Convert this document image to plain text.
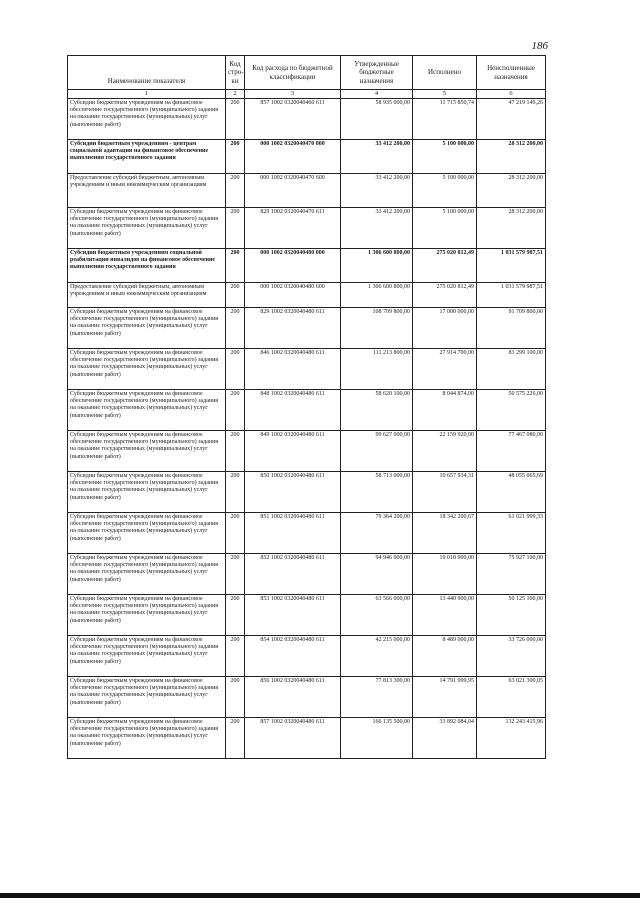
186
Наименование показателя	Код стро-ки	Код расхода по бюджетной классификации	Утвержденные бюджетные назначения	Исполнено	Неисполненные назначения
1	2	3	4	5	6
Субсидии бюджетным учреждениям на финансовое обеспечение государственного (муниципального) задания на оказание государственных (муниципальных) услуг (выполнение работ)	200	857 1002 0320040460 611	58 935 000,00	11 715 850,74	47 219 149,26
Субсидии бюджетным учреждениям - центрам социальной адаптации на финансовое обеспечение выполнения государственного задания	200	000 1002 0320040470 000	33 412 200,00	5 100 000,00	28 312 200,00
Предоставление субсидий бюджетным, автономным учреждениям и иным некоммерческим организациям	200	000 1002 0320040470 600	33 412 200,00	5 100 000,00	28 312 200,00
Субсидии бюджетным учреждениям на финансовое обеспечение государственного (муниципального) задания на оказание государственных (муниципальных) услуг (выполнение работ)	200	829 1002 0320040470 611	33 412 200,00	5 100 000,00	28 312 200,00
Субсидии бюджетным учреждениям социальной реабилитации инвалидов на финансовое обеспечение выполнения государственного задания	200	000 1002 0320040480 000	1 306 600 800,00	275 020 812,49	1 031 579 987,51
Предоставление субсидий бюджетным, автономным учреждениям и иным некоммерческим организациям	200	000 1002 0320040480 600	1 306 600 800,00	275 020 812,49	1 031 579 987,51
Субсидии бюджетным учреждениям на финансовое обеспечение государственного (муниципального) задания на оказание государственных (муниципальных) услуг (выполнение работ)	200	829 1002 0320040480 611	108 709 800,00	17 000 000,00	91 709 800,00
Субсидии бюджетным учреждениям на финансовое обеспечение государственного (муниципального) задания на оказание государственных (муниципальных) услуг (выполнение работ)	200	846 1002 0320040480 611	111 213 800,00	27 914 700,00	83 299 100,00
Субсидии бюджетным учреждениям на финансовое обеспечение государственного (муниципального) задания на оказание государственных (муниципальных) услуг (выполнение работ)	200	848 1002 0320040480 611	58 620 100,00	8 044 874,00	50 575 226,00
Субсидии бюджетным учреждениям на финансовое обеспечение государственного (муниципального) задания на оказание государственных (муниципальных) услуг (выполнение работ)	200	849 1002 0320040480 611	99 627 000,00	22 159 920,00	77 467 080,00
Субсидии бюджетным учреждениям на финансовое обеспечение государственного (муниципального) задания на оказание государственных (муниципальных) услуг (выполнение работ)	200	850 1002 0320040480 611	58 713 000,00	10 657 934,31	48 055 065,69
Субсидии бюджетным учреждениям на финансовое обеспечение государственного (муниципального) задания на оказание государственных (муниципальных) услуг (выполнение работ)	200	851 1002 0320040480 611	79 364 200,00	18 342 200,67	61 021 999,33
Субсидии бюджетным учреждениям на финансовое обеспечение государственного (муниципального) задания на оказание государственных (муниципальных) услуг (выполнение работ)	200	852 1002 0320040480 611	94 946 000,00	19 018 900,00	75 927 100,00
Субсидии бюджетным учреждениям на финансовое обеспечение государственного (муниципального) задания на оказание государственных (муниципальных) услуг (выполнение работ)	200	853 1002 0320040480 611	63 566 000,00	13 440 900,00	50 125 100,00
Субсидии бюджетным учреждениям на финансовое обеспечение государственного (муниципального) задания на оказание государственных (муниципальных) услуг (выполнение работ)	200	854 1002 0320040480 611	42 215 000,00	8 489 000,00	33 726 000,00
Субсидии бюджетным учреждениям на финансовое обеспечение государственного (муниципального) задания на оказание государственных (муниципальных) услуг (выполнение работ)	200	856 1002 0320040480 611	77 813 300,00	14 791 999,95	63 021 300,05
Субсидии бюджетным учреждениям на финансовое обеспечение государственного (муниципального) задания на оказание государственных (муниципальных) услуг (выполнение работ)	200	857 1002 0320040480 611	166 135 500,00	33 892 084,04	132 243 415,96
